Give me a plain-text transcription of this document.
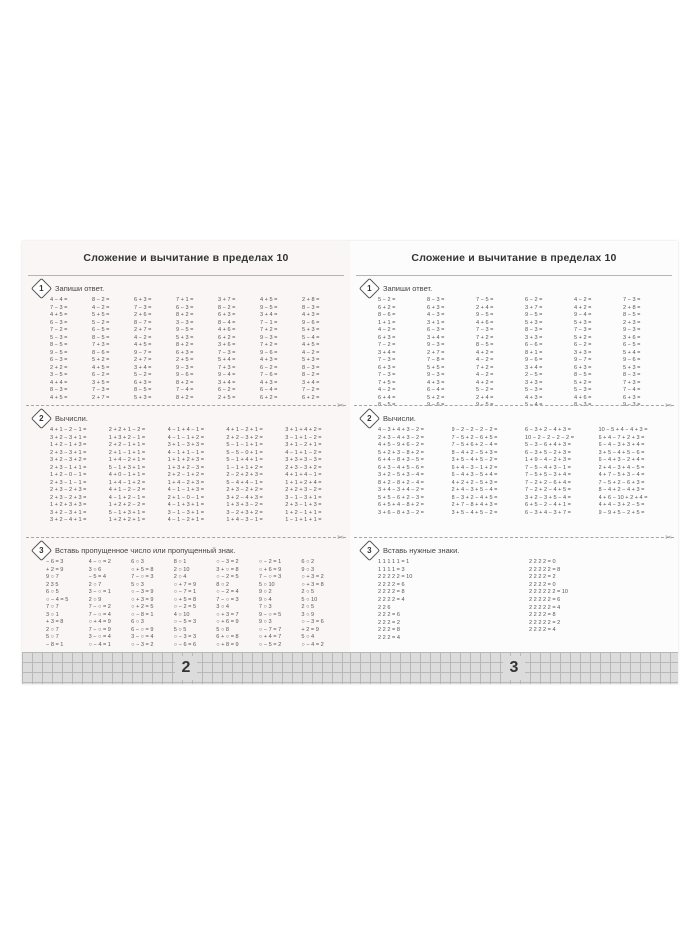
Сложение и вычитание в пределах 10
1 Запиши ответ.
4 − 4 =	8 − 2 =	6 + 3 =	7 + 1 =	3 + 7 =	4 + 5 =	2 + 8 =
7 − 3 =	4 − 2 =	7 − 3 =	6 − 3 =	8 − 2 =	9 − 5 =	8 − 3 =
4 + 5 =	5 + 5 =	2 + 6 =	8 + 2 =	6 + 3 =	3 + 4 =	4 + 3 =
6 − 3 =	5 − 2 =	8 − 7 =	3 − 3 =	8 − 4 =	7 − 1 =	9 − 6 =
7 − 2 =	6 − 5 =	2 + 7 =	9 − 5 =	4 + 6 =	7 + 2 =	5 + 3 =
5 − 3 =	8 − 5 =	4 − 2 =	5 + 3 =	6 + 2 =	9 − 3 =	5 − 4 =
8 − 5 =	7 + 3 =	4 + 5 =	8 + 2 =	3 + 6 =	7 + 2 =	4 + 5 =
9 − 5 =	8 − 6 =	9 − 7 =	6 + 3 =	7 − 3 =	9 − 6 =	4 − 2 =
6 − 3 =	5 + 2 =	2 + 7 =	2 + 5 =	5 + 4 =	4 + 3 =	5 + 3 =
2 + 2 =	4 + 5 =	3 + 4 =	9 − 3 =	7 + 3 =	6 − 2 =	8 − 3 =
3 − 5 =	6 − 2 =	5 − 2 =	9 − 6 =	9 − 4 =	7 − 6 =	8 − 2 =
4 + 4 =	3 + 5 =	6 + 3 =	8 + 2 =	3 + 4 =	4 + 3 =	3 + 4 =
8 − 3 =	7 − 3 =	8 − 5 =	7 − 4 =	6 − 2 =	6 − 4 =	7 − 2 =
4 + 5 =	2 + 7 =	5 + 3 =	8 + 2 =	2 + 5 =	6 + 2 =	6 + 2 =
✂
2 Вычисли.
4 + 1 − 2 − 1 =	2 + 2 + 1 − 2 =	4 − 1 + 4 − 1 =	4 + 1 − 2 + 1 =	3 + 1 + 4 + 2 =
3 + 2 − 3 + 1 =	1 + 3 + 2 − 1 =	4 − 1 − 1 + 2 =	2 + 2 − 3 + 2 =	3 − 1 + 1 − 2 =
1 + 2 − 1 + 3 =	2 + 2 − 1 + 1 =	3 + 1 − 3 + 3 =	5 − 1 − 1 + 1 =	3 + 1 − 2 + 1 =
2 + 3 − 3 + 1 =	2 + 1 − 1 + 1 =	4 − 1 + 1 − 1 =	5 − 5 − 0 + 1 =	4 − 1 + 1 − 2 =
3 + 2 − 3 + 2 =	1 + 4 − 2 + 1 =	1 + 1 + 2 + 3 =	5 − 1 + 4 + 1 =	3 + 3 + 3 − 3 =
2 + 3 − 1 + 1 =	5 − 1 + 3 + 1 =	1 + 3 + 2 − 3 =	1 − 1 + 1 + 2 =	2 + 3 − 3 + 2 =
1 + 2 − 0 − 1 =	4 + 0 − 1 + 1 =	2 + 2 − 1 + 2 =	2 − 2 + 2 + 3 =	4 + 1 + 4 − 1 =
2 + 3 − 1 − 1 =	1 + 4 − 1 + 2 =	1 + 4 − 2 + 3 =	5 − 4 + 4 − 1 =	1 + 1 + 2 + 4 =
2 + 3 − 2 + 3 =	4 + 1 − 2 − 2 =	4 − 1 − 1 + 3 =	2 + 3 − 2 + 2 =	2 + 2 + 3 − 2 =
2 + 3 − 2 + 3 =	4 − 1 + 2 − 1 =	2 + 1 − 0 − 1 =	3 + 2 − 4 + 3 =	3 − 1 − 3 + 1 =
1 + 2 + 3 + 3 =	1 + 2 + 2 − 2 =	4 − 1 + 3 + 1 =	1 + 3 + 3 − 2 =	2 + 3 − 1 + 3 =
3 + 2 − 3 + 1 =	5 − 1 + 3 + 1 =	3 − 1 − 3 + 1 =	3 − 2 + 3 + 2 =	1 + 2 − 1 + 1 =
3 + 2 − 4 + 1 =	1 + 2 + 2 + 1 =	4 − 1 − 2 + 1 =	1 + 4 − 3 − 1 =	1 − 1 + 1 + 1 =
✂
3 Вставь пропущенное число или пропущенный знак.
− 6 = 3	4 − ○ = 2	6 ○ 3	8 ○ 1	○ − 3 = 2	○ − 2 = 1	6 ○ 2
+ 2 = 9	3 ○ 6	○ + 5 = 8	2 ○ 10	3 + ○ = 8	○ + 6 = 9	9 ○ 3
9 ○ 7	− 5 = 4	7 − ○ = 3	2 ○ 4	○ − 2 = 5	7 − ○ = 3	○ + 3 = 2
2 3 5	2 ○ 7	5 ○ 3	○ + 7 = 9	8 ○ 2	5 ○ 10	○ + 3 = 8
6 ○ 5	3 − ○ = 1	○ − 3 = 9	○ − 7 = 1	○ − 2 = 4	9 ○ 2	2 ○ 5
○ − 4 = 5	2 ○ 9	○ + 3 = 9	○ + 5 = 8	7 − ○ = 3	9 ○ 4	5 ○ 10
7 ○ 7	7 − ○ = 2	○ + 2 = 5	○ − 2 = 5	3 ○ 4	7 ○ 3	2 ○ 5
3 ○ 1	7 − ○ = 4	○ − 8 = 1	4 ○ 10	○ + 3 = 7	9 − ○ = 5	3 ○ 9
+ 3 = 8	○ + 4 = 9	6 ○ 3	○ − 5 = 3	○ + 6 = 9	9 ○ 3	○ − 3 = 6
2 ○ 7	7 − ○ = 9	6 − ○ = 9	5 ○ 5	5 ○ 8	○ − 7 = 7	+ 2 = 9
5 ○ 7	3 − ○ = 4	3 − ○ = 4	○ − 3 = 3	6 + ○ = 8	○ + 4 = 7	5 ○ 4
− 8 = 1	○ − 4 = 1	○ − 3 = 2	○ − 6 = 6	○ + 8 = 9	○ − 5 = 2	○ − 4 = 2
2
Сложение и вычитание в пределах 10
1 Запиши ответ.
5 − 2 =	8 − 3 =	7 − 5 =	6 − 2 =	4 − 2 =	7 − 3 =
6 + 2 =	6 + 3 =	2 + 4 =	3 + 7 =	4 + 2 =	2 + 8 =
8 − 6 =	4 − 3 =	9 − 5 =	9 − 5 =	9 − 4 =	8 − 5 =
1 + 1 =	3 + 1 =	4 + 6 =	5 + 3 =	5 + 3 =	2 + 3 =
4 − 2 =	6 − 3 =	7 − 3 =	8 − 3 =	7 − 3 =	9 − 3 =
6 + 3 =	3 + 4 =	7 + 2 =	3 + 3 =	5 + 2 =	3 + 6 =
7 − 2 =	9 − 3 =	8 − 5 =	6 − 6 =	6 − 2 =	6 − 5 =
3 + 4 =	2 + 7 =	4 + 2 =	8 + 1 =	3 + 3 =	5 + 4 =
7 − 3 =	7 − 8 =	4 − 2 =	9 − 6 =	9 − 7 =	9 − 6 =
6 + 3 =	5 + 5 =	7 + 2 =	3 + 4 =	6 + 3 =	5 + 3 =
7 − 3 =	9 − 3 =	4 − 2 =	2 − 5 =	8 − 5 =	8 − 3 =
7 + 5 =	4 + 3 =	4 + 2 =	3 + 3 =	5 + 2 =	7 + 3 =
4 − 2 =	6 − 4 =	5 − 2 =	5 − 3 =	5 − 3 =	7 − 4 =
6 + 4 =	5 + 2 =	2 + 4 =	4 + 3 =	4 + 6 =	6 + 3 =
8 − 5 =	9 − 6 =	9 − 5 =	5 − 4 =	8 − 3 =	9 − 3 =	✂
2 Вычисли.
4 − 3 + 4 + 3 − 2 =	9 − 2 − 2 − 2 − 2 =	6 − 3 + 2 − 4 + 3 =	10 − 5 + 4 − 4 + 3 =
2 + 3 − 4 + 3 − 2 =	7 − 5 + 2 − 6 + 5 =	10 − 2 − 2 − 2 − 2 =	6 + 4 − 7 + 2 + 3 =
4 + 5 − 9 + 6 − 2 =	7 − 5 + 6 + 2 − 4 =	5 − 3 − 6 + 4 + 3 =	6 − 4 − 3 + 3 + 4 =
5 + 2 + 3 − 8 + 2 =	8 − 4 + 2 − 5 + 3 =	6 − 3 + 5 − 2 + 3 =	3 + 5 − 4 + 5 − 6 =
6 + 4 − 8 + 3 − 5 =	3 + 5 − 4 + 5 − 2 =	1 + 9 − 4 − 2 + 3 =	6 − 4 + 3 − 2 + 4 =
6 + 3 − 4 + 5 − 6 =	6 + 4 − 3 − 1 + 2 =	7 − 5 − 4 + 3 − 1 =	2 + 4 − 3 + 4 − 5 =
3 + 2 − 5 + 3 − 4 =	6 − 4 + 3 − 5 + 4 =	7 − 5 + 5 − 3 + 4 =	4 + 7 − 5 + 3 − 4 =
8 + 2 − 8 + 2 − 4 =	4 + 2 + 2 − 5 + 3 =	7 − 2 + 2 − 6 + 4 =	7 − 5 + 2 − 6 + 3 =
3 + 4 − 3 + 4 − 2 =	2 + 4 − 3 + 5 − 4 =	7 − 2 + 2 − 4 + 5 =	8 − 4 + 2 − 4 + 3 =
5 + 5 − 6 + 2 − 3 =	8 − 3 + 2 − 4 + 5 =	3 + 2 − 3 + 5 − 4 =	4 + 6 − 10 + 2 + 4 =
6 + 5 + 4 − 8 + 2 =	2 + 7 − 8 + 4 + 3 =	6 + 5 − 2 − 4 + 1 =	4 + 4 − 3 + 2 − 5 =
3 + 6 − 8 + 3 − 2 =	3 + 5 − 4 + 5 − 2 =	6 − 3 + 4 − 3 + 7 =	9 − 9 + 5 − 2 + 5 =
✂
3 Вставь нужные знаки.
1 1 1 1 1 = 1
1 1 1 1 = 3
2 2 2 2 2 = 10
2 2 2 2 = 6
2 2 2 2 = 8
2 2 2 2 = 4
2 2 6
2 2 2 = 6
2 2 2 = 2
2 2 2 = 8
2 2 2 = 4
2 2 2 2 = 0
2 2 2 2 2 = 8
2 2 2 2 = 2
2 2 2 2 = 0
2 2 2 2 2 2 = 10
2 2 2 2 2 = 6
2 2 2 2 2 = 4
2 2 2 2 = 8
2 2 2 2 2 = 2
2 2 2 2 = 4
3
